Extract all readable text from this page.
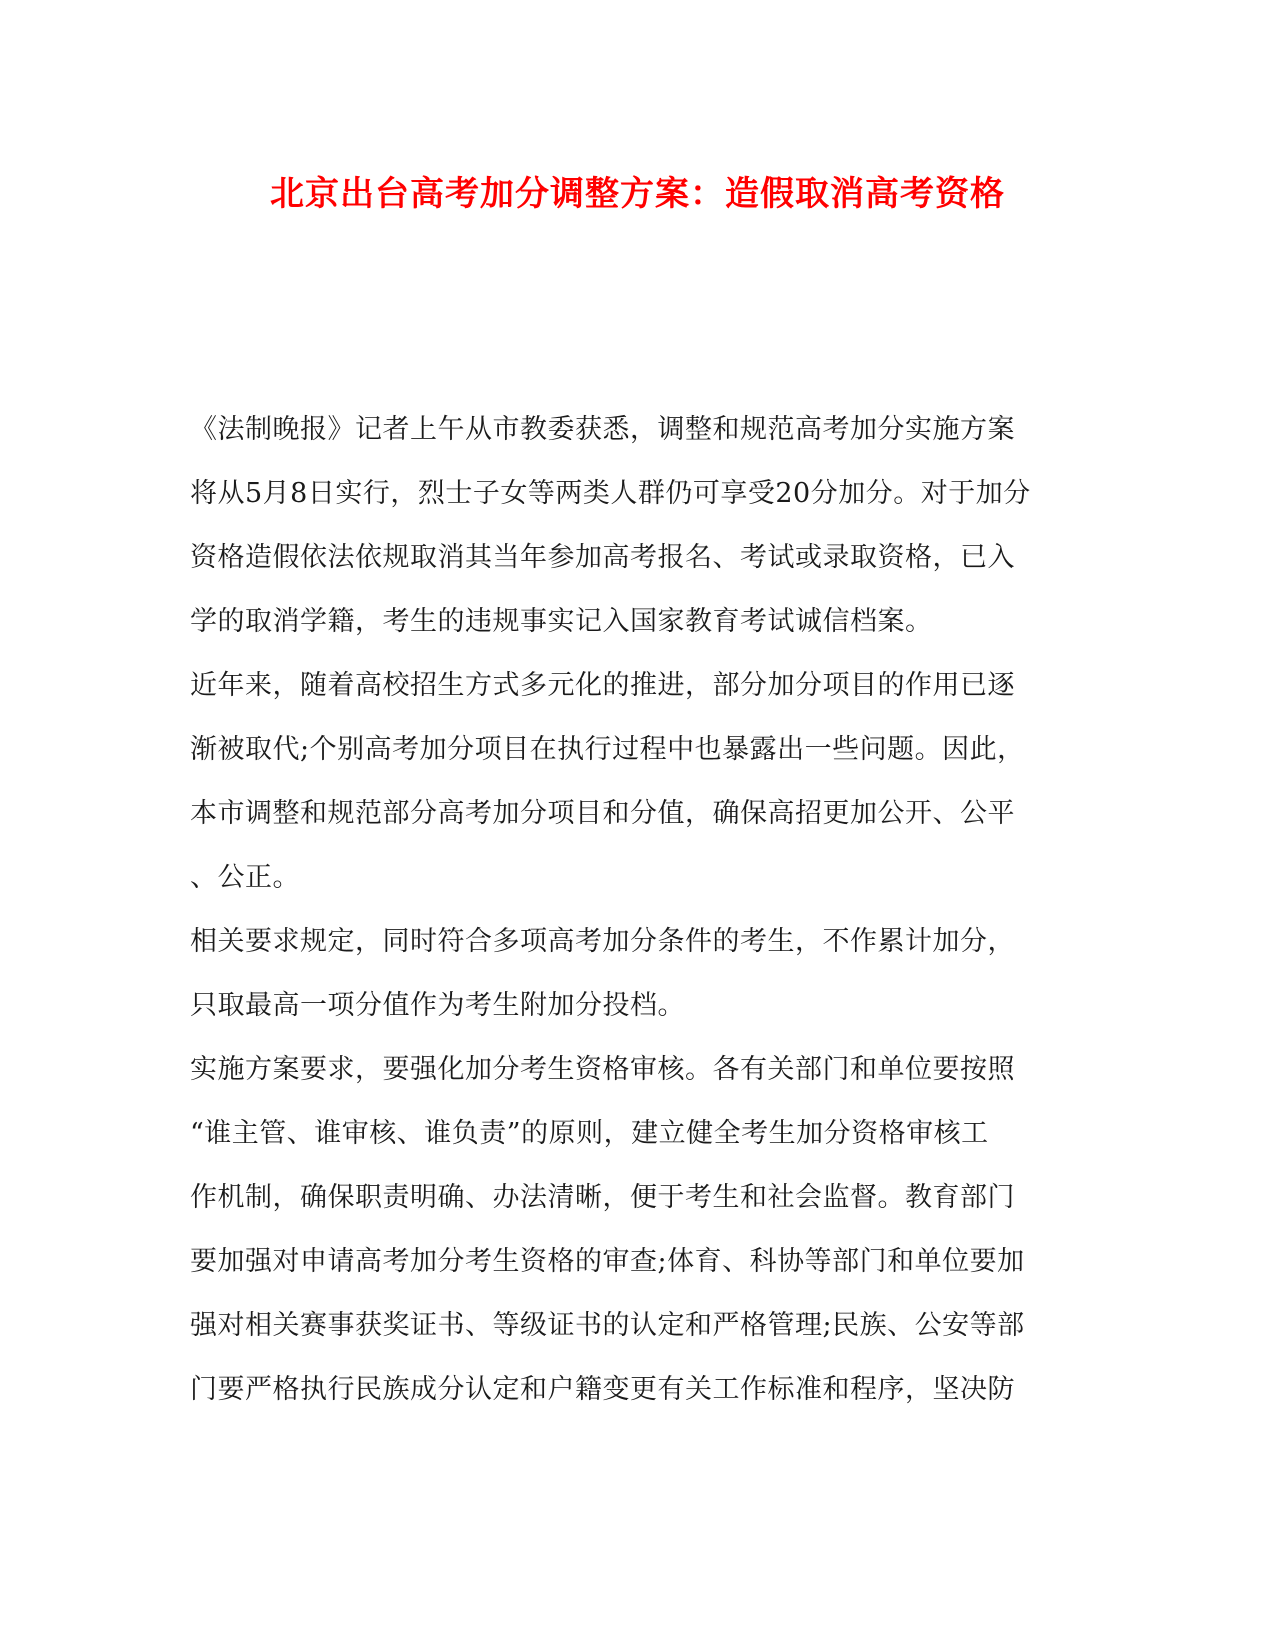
北京出台高考加分调整方案：造假取消高考资格
《法制晚报》记者上午从市教委获悉，调整和规范高考加分实施方案
将从5月8日实行，烈士子女等两类人群仍可享受20分加分。对于加分
资格造假依法依规取消其当年参加高考报名、考试或录取资格，已入
学的取消学籍，考生的违规事实记入国家教育考试诚信档案。
近年来，随着高校招生方式多元化的推进，部分加分项目的作用已逐
渐被取代;个别高考加分项目在执行过程中也暴露出一些问题。因此，
本市调整和规范部分高考加分项目和分值，确保高招更加公开、公平
、公正。
相关要求规定，同时符合多项高考加分条件的考生，不作累计加分，
只取最高一项分值作为考生附加分投档。
实施方案要求，要强化加分考生资格审核。各有关部门和单位要按照
“谁主管、谁审核、谁负责”的原则，建立健全考生加分资格审核工
作机制，确保职责明确、办法清晰，便于考生和社会监督。教育部门
要加强对申请高考加分考生资格的审查;体育、科协等部门和单位要加
强对相关赛事获奖证书、等级证书的认定和严格管理;民族、公安等部
门要严格执行民族成分认定和户籍变更有关工作标准和程序，坚决防
